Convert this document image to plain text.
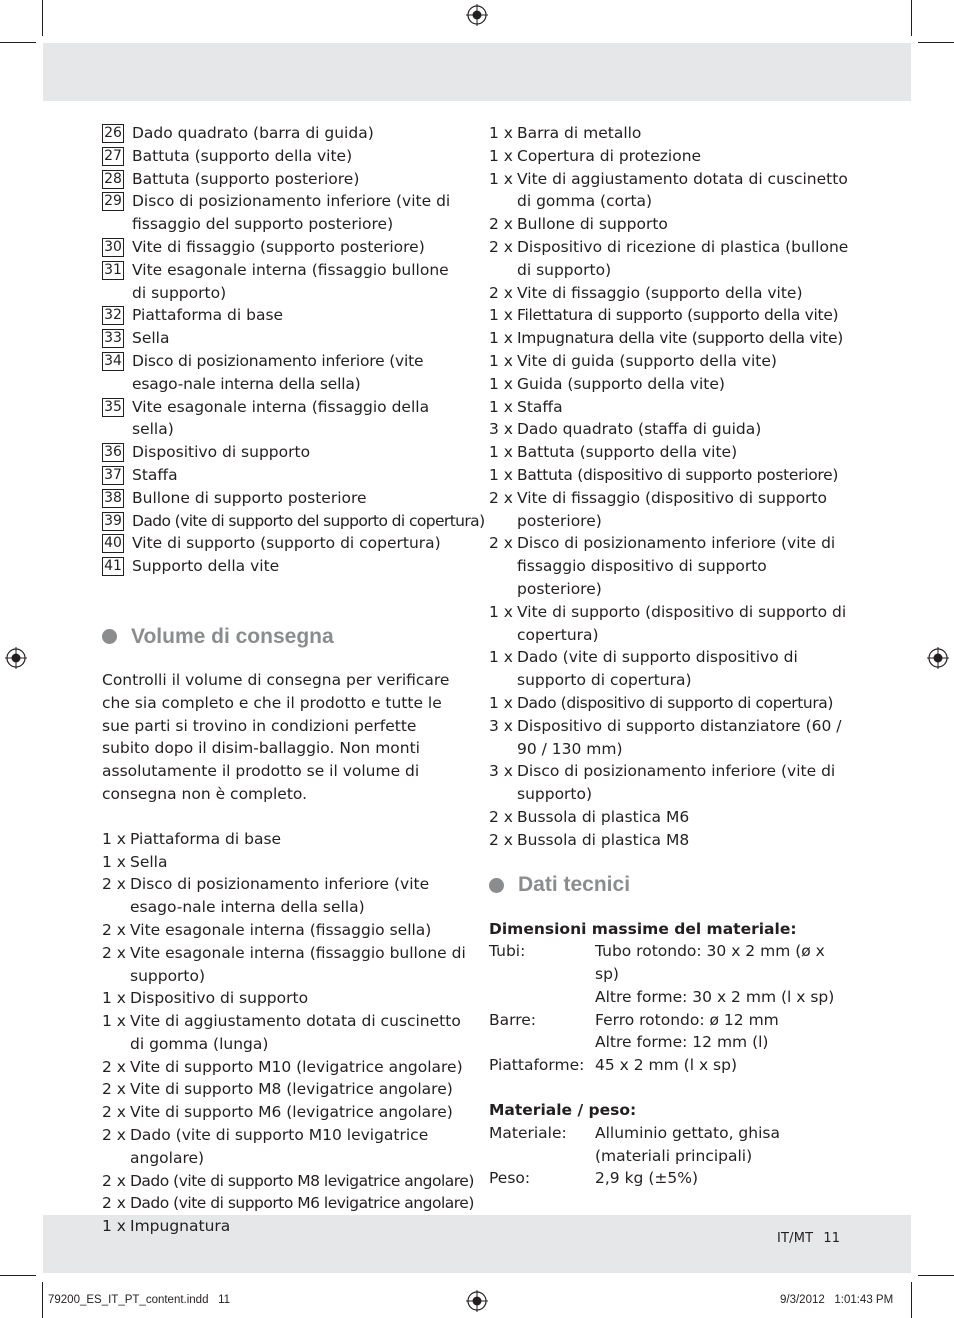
26 Dado quadrato (barra di guida)
27 Battuta (supporto della vite)
28 Battuta (supporto posteriore)
29 Disco di posizionamento inferiore (vite di fissaggio del supporto posteriore)
30 Vite di fissaggio (supporto posteriore)
31 Vite esagonale interna (fissaggio bullone di supporto)
32 Piattaforma di base
33 Sella
34 Disco di posizionamento inferiore (vite esago-nale interna della sella)
35 Vite esagonale interna (fissaggio della sella)
36 Dispositivo di supporto
37 Staffa
38 Bullone di supporto posteriore
39 Dado (vite di supporto del supporto di copertura)
40 Vite di supporto (supporto di copertura)
41 Supporto della vite
Volume di consegna

Controlli il volume di consegna per verificare che sia completo e che il prodotto e tutte le sue parti si trovino in condizioni perfette subito dopo il disim-ballaggio. Non monti assolutamente il prodotto se il volume di consegna non è completo.

1 x Piattaforma di base
1 x Sella
2 x Disco di posizionamento inferiore (vite esago-nale interna della sella)
2 x Vite esagonale interna (fissaggio sella)
2 x Vite esagonale interna (fissaggio bullone di supporto)
1 x Dispositivo di supporto
1 x Vite di aggiustamento dotata di cuscinetto di gomma (lunga)
2 x Vite di supporto M10 (levigatrice angolare)
2 x Vite di supporto M8 (levigatrice angolare)
2 x Vite di supporto M6 (levigatrice angolare)
2 x Dado (vite di supporto M10 levigatrice angolare)
2 x Dado (vite di supporto M8 levigatrice angolare)
2 x Dado (vite di supporto M6 levigatrice angolare)
1 x Impugnatura
1 x Barra di metallo
1 x Copertura di protezione
1 x Vite di aggiustamento dotata di cuscinetto di gomma (corta)
2 x Bullone di supporto
2 x Dispositivo di ricezione di plastica (bullone di supporto)
2 x Vite di fissaggio (supporto della vite)
1 x Filettatura di supporto (supporto della vite)
1 x Impugnatura della vite (supporto della vite)
1 x Vite di guida (supporto della vite)
1 x Guida (supporto della vite)
1 x Staffa
3 x Dado quadrato (staffa di guida)
1 x Battuta (supporto della vite)
1 x Battuta (dispositivo di supporto posteriore)
2 x Vite di fissaggio (dispositivo di supporto posteriore)
2 x Disco di posizionamento inferiore (vite di fissaggio dispositivo di supporto posteriore)
1 x Vite di supporto (dispositivo di supporto di copertura)
1 x Dado (vite di supporto dispositivo di supporto di copertura)
1 x Dado (dispositivo di supporto di copertura)
3 x Dispositivo di supporto distanziatore (60 / 90 / 130 mm)
3 x Disco di posizionamento inferiore (vite di supporto)
2 x Bussola di plastica M6
2 x Bussola di plastica M8
Dati tecnici
Dimensioni massime del materiale:
Tubi:	Tubo rotondo: 30 x 2 mm (ø x sp)
Altre forme: 30 x 2 mm (l x sp)
Barre:	Ferro rotondo: ø 12 mm
Altre forme: 12 mm (l)
Piattaforme: 45 x 2 mm (l x sp)
Materiale / peso:
Materiale:	Alluminio gettato, ghisa (materiali principali)
Peso:	2,9 kg (±5%)
IT/MT 11
79200_ES_IT_PT_content.indd   11	9/3/2012   1:01:43 PM
